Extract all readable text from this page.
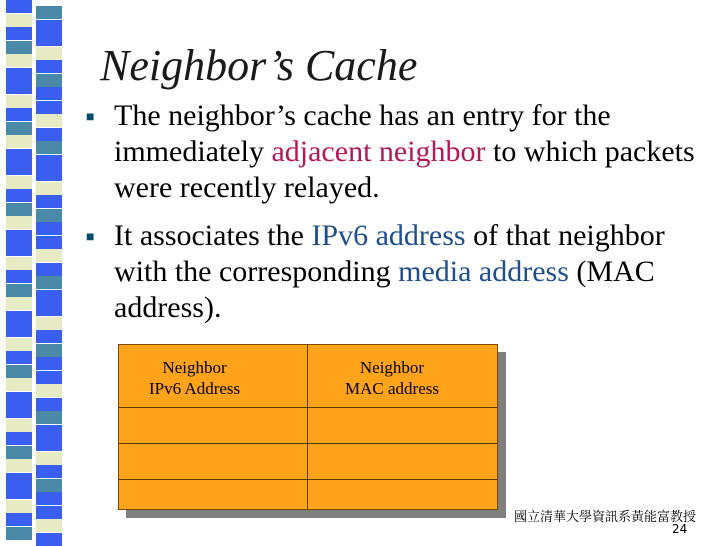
Neighbor’s Cache
■ The neighbor’s cache has an entry for the
immediately adjacent neighbor to which packets
were recently relayed.
■ It associates the IPv6 address of that neighbor
with the corresponding media address (MAC
address).
Neighbor
IPv6 Address
Neighbor
MAC address
國立清華大學資訊系黃能富教授
24
